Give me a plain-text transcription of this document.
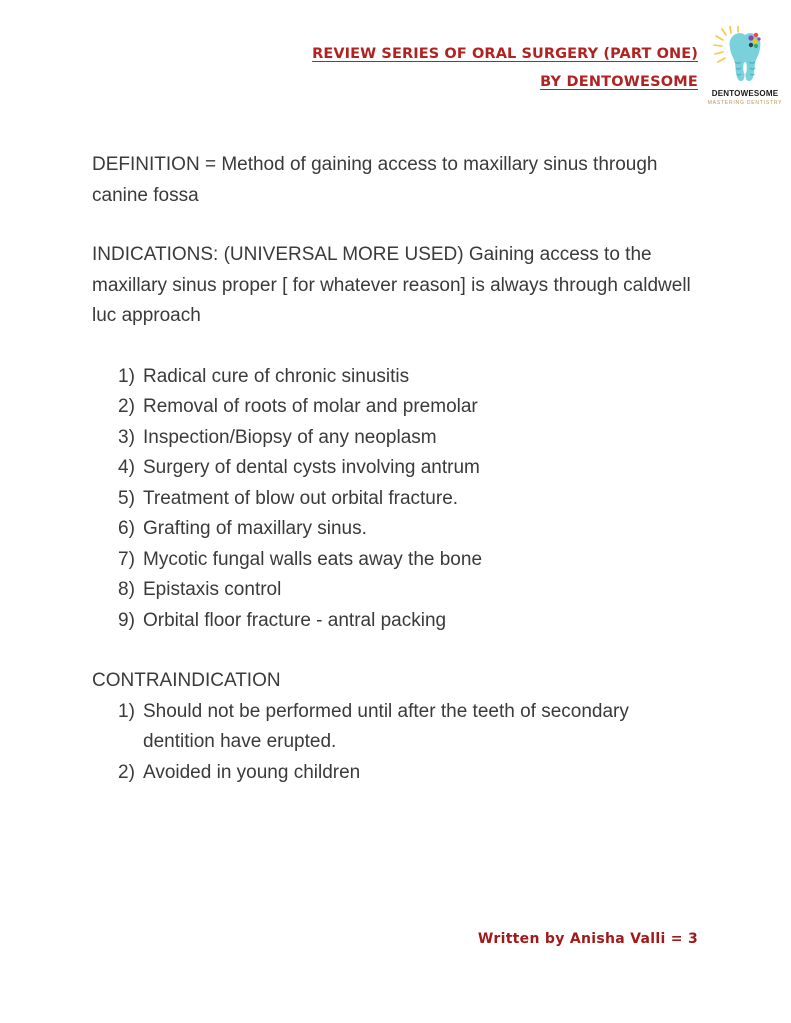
REVIEW SERIES OF ORAL SURGERY (PART ONE)
BY DENTOWESOME
DENTOWESOME
MASTERING DENTISTRY

DEFINITION = Method of gaining access to maxillary sinus through canine fossa

INDICATIONS: (UNIVERSAL MORE USED) Gaining access to the maxillary sinus proper [ for whatever reason] is always through caldwell luc approach

1) Radical cure of chronic sinusitis
2) Removal of roots of molar and premolar
3) Inspection/Biopsy of any neoplasm
4) Surgery of dental cysts involving antrum
5) Treatment of blow out orbital fracture.
6) Grafting of maxillary sinus.
7) Mycotic fungal walls eats away the bone
8) Epistaxis control
9) Orbital floor fracture - antral packing

CONTRAINDICATION

1) Should not be performed until after the teeth of secondary dentition have erupted.
2) Avoided in young children
Written by Anisha Valli = 3
